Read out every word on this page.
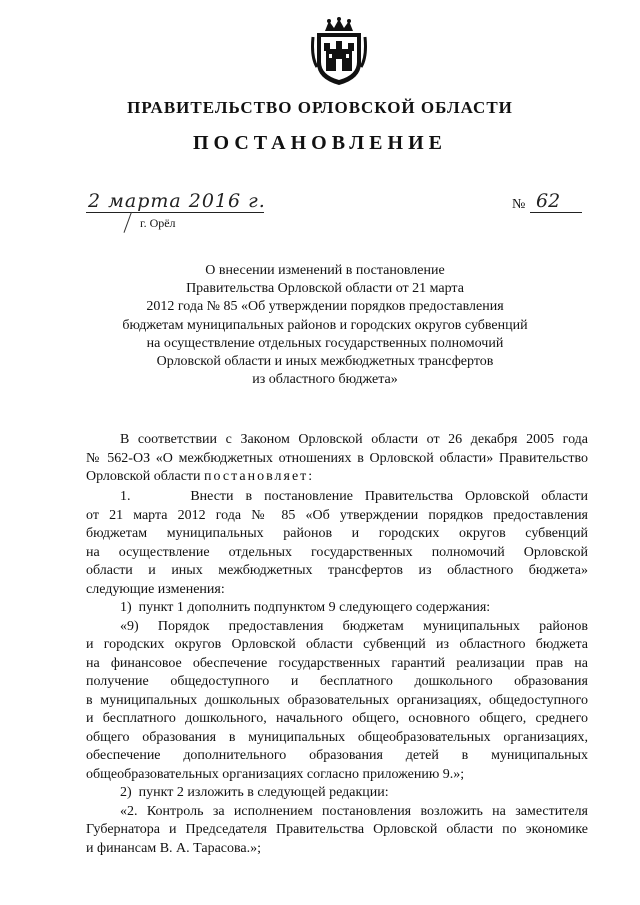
ПРАВИТЕЛЬСТВО ОРЛОВСКОЙ ОБЛАСТИ
ПОСТАНОВЛЕНИЕ
2 марта 2016 г.
г. Орёл
№ 62
О внесении изменений в постановление
Правительства Орловской области от 21 марта
2012 года № 85 «Об утверждении порядков предоставления
бюджетам муниципальных районов и городских округов субвенций
на осуществление отдельных государственных полномочий
Орловской области и иных межбюджетных трансфертов
из областного бюджета»
В соответствии с Законом Орловской области от 26 декабря 2005 года
№ 562-ОЗ «О межбюджетных отношениях в Орловской области» Правительство
Орловской области постановляет:
1.     Внести в постановление Правительства Орловской области
от 21 марта 2012 года № 85 «Об утверждении порядков предоставления
бюджетам муниципальных районов и городских округов субвенций
на осуществление отдельных государственных полномочий Орловской
области и иных межбюджетных трансфертов из областного бюджета»
следующие изменения:
1)  пункт 1 дополнить подпунктом 9 следующего содержания:
«9) Порядок предоставления бюджетам муниципальных районов
и городских округов Орловской области субвенций из областного бюджета
на финансовое обеспечение государственных гарантий реализации прав на
получение общедоступного и бесплатного дошкольного образования
в муниципальных дошкольных образовательных организациях, общедоступного
и бесплатного дошкольного, начального общего, основного общего, среднего
общего образования в муниципальных общеобразовательных организациях,
обеспечение дополнительного образования детей в муниципальных
общеобразовательных организациях согласно приложению 9.»;
2)  пункт 2 изложить в следующей редакции:
«2. Контроль за исполнением постановления возложить на заместителя
Губернатора и Председателя Правительства Орловской области по экономике
и финансам В. А. Тарасова.»;
